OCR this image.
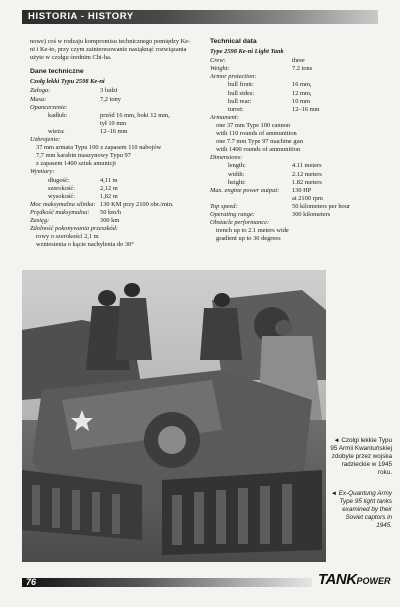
HISTORIA - HISTORY

nowe) coś w rodzaju kompromisu technicznego pomiędzy Ke-ni i Ke-to, przy czym zainteresowanie nasiąknąć rozwiązania użyte w czołgu średnim Chi-ha.

Dane techniczne
Czołg lekki Typu 2598 Ke-ni
Załoga:	3 ludzi
Masa:	7,2 tony
Opancerzenie:
kadłub:	przód 16 mm, boki 12 mm,
tył 10 mm
wieża:	12–16 mm
Uzbrojenie:
37 mm armata Typu 100 z zapasem 110 nabojów
7,7 mm karabin maszynowy Typu 97
z zapasem 1400 sztuk amunicji
Wymiary:
długość:	4,11 m
szerokość:	2,12 m
wysokość:	1,82 m
Moc maksymalna silnika: 130 KM przy 2100 obr./min.
Prędkość maksymalna: 50 km/h
Zasięg:	300 km
Zdolność pokonywania przeszkód:
rowy o szerokości 2,1 m
wzniesienia o kącie nachylenia do 30°
Technical data
Type 2598 Ke-ni Light Tank
Crew:	three
Weight:	7.2 tons
Armor protection:
hull front:	16 mm,
hull sides:	12 mm,
hull rear:	10 mm
turret:	12–16 mm
Armament:
one 37 mm Type 100 cannon
with 110 rounds of ammunition
one 7.7 mm Type 97 machine gun
with 1400 rounds of ammunition
Dimensions:
length:	4.11 meters
width:	2.12 meters
height:	1.82 meters
Max. engine power output: 130 HP
at 2100 rpm
Top speed:	50 kilometers per hour
Operating range:	300 kilometers
Obstacle performance:
trench up to 2.1 meters wide
gradient up to 30 degrees
◄ Czołgi lekkie Typu 95 Armii Kwantuńskiej zdobyte przez wojska radzieckie w 1945 roku.
◄ Ex-Quantung Army Type 95 light tanks examined by their Soviet captors in 1945.
76	TANKPOWER
